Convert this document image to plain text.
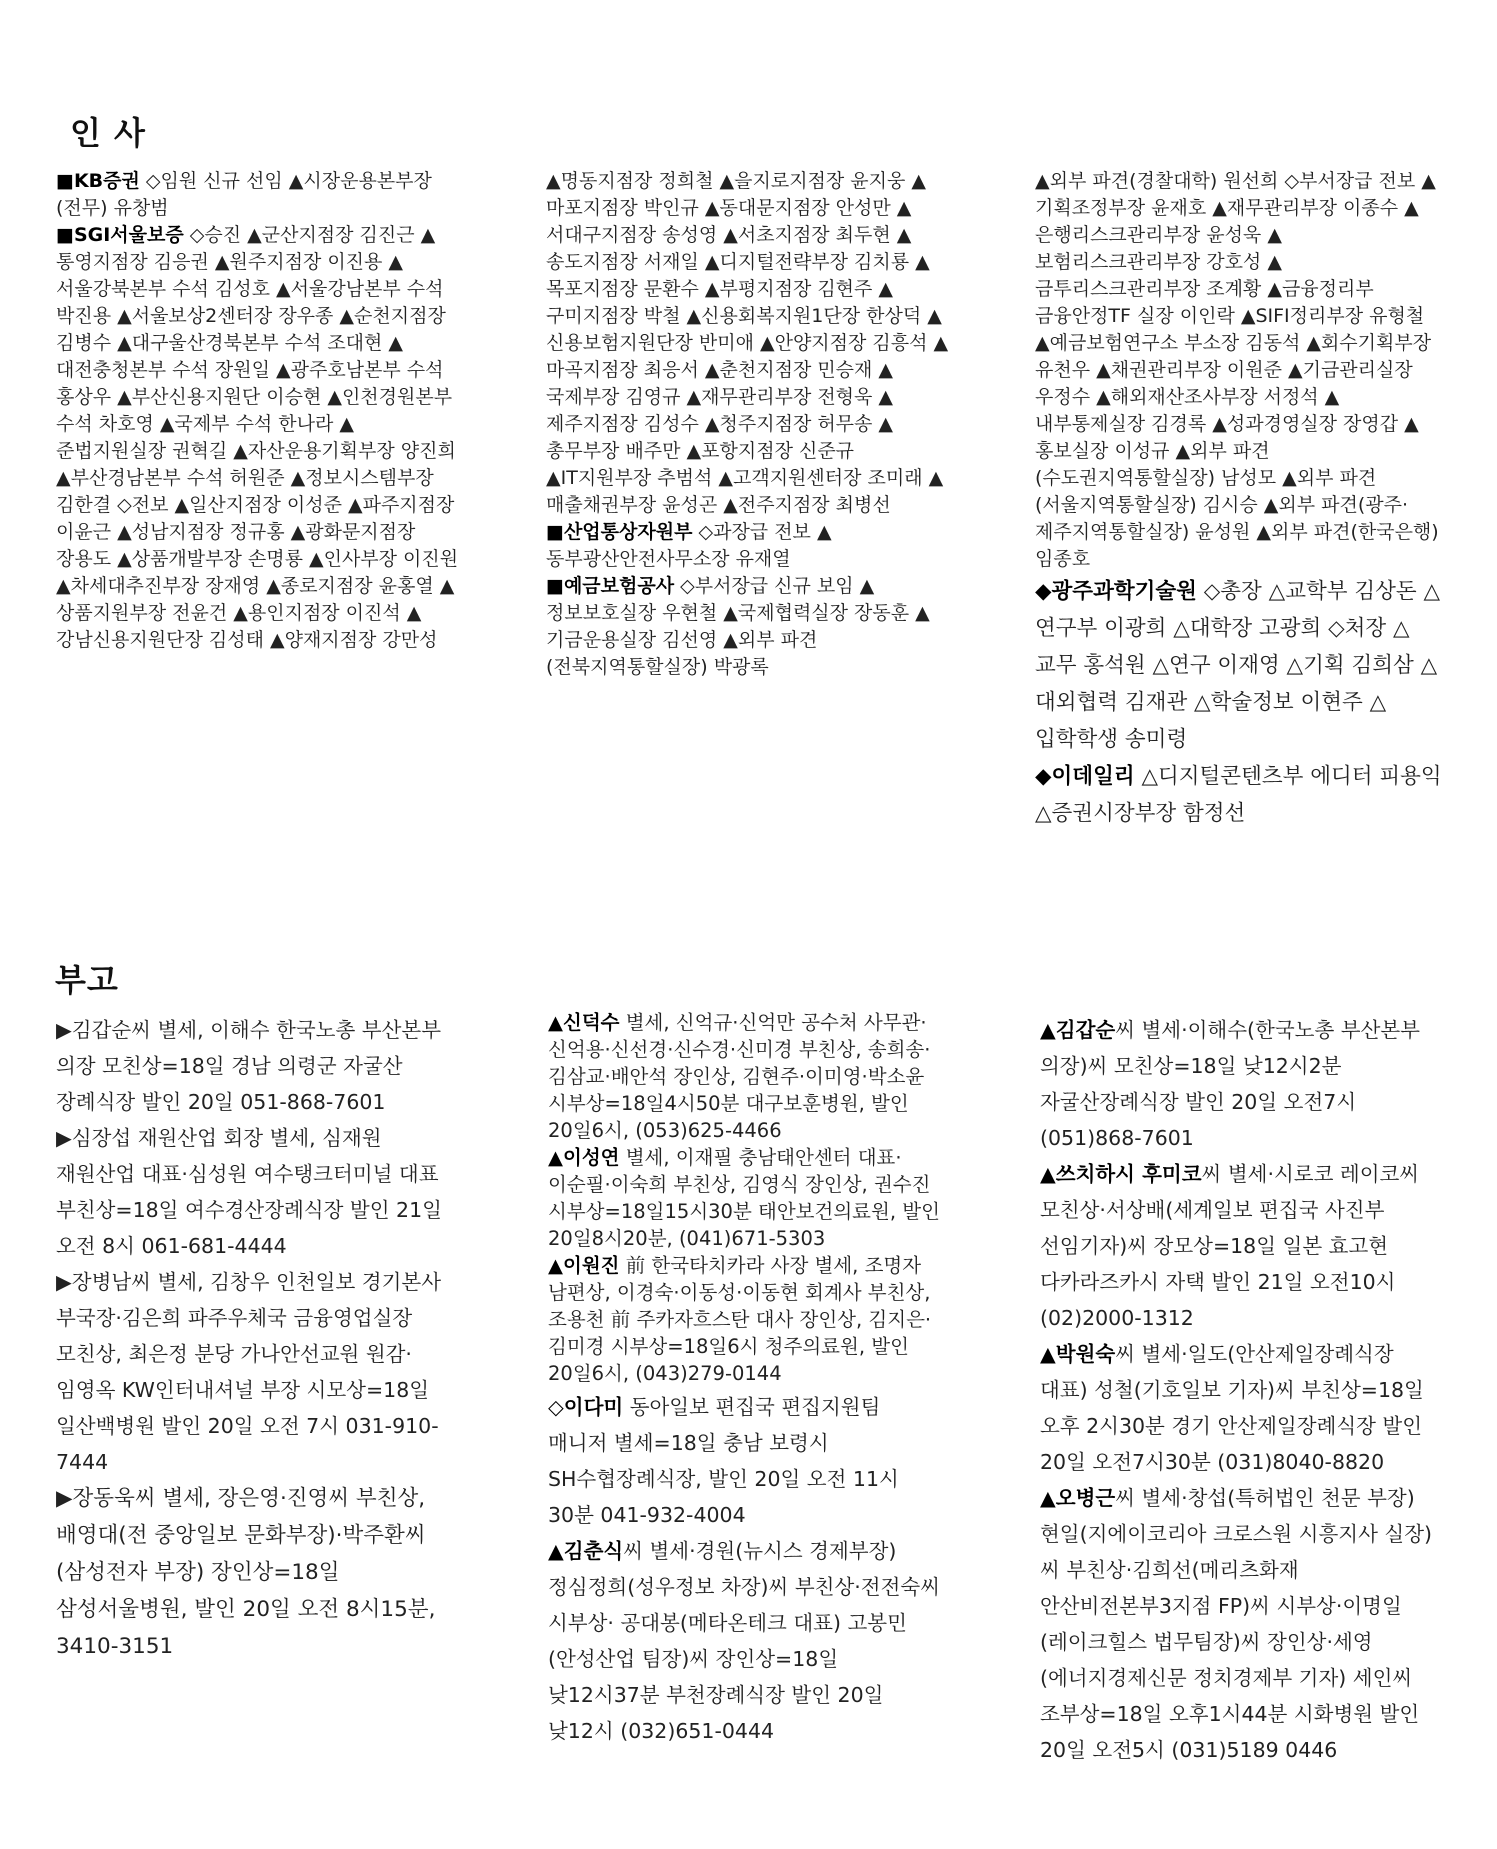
인 사

■KB증권 ◇임원 신규 선임 ▲시장운용본부장(전무) 유창범

■SGI서울보증 ◇승진 ▲군산지점장 김진근 ▲통영지점장 김응권 ▲원주지점장 이진용 ▲서울강북본부 수석 김성호 ▲서울강남본부 수석 박진용 ▲서울보상2센터장 장우종 ▲순천지점장 김병수 ▲대구울산경북본부 수석 조대현 ▲대전충청본부 수석 장원일 ▲광주호남본부 수석 홍상우 ▲부산신용지원단 이승현 ▲인천경원본부 수석 차호영 ▲국제부 수석 한나라 ▲준법지원실장 권혁길 ▲자산운용기획부장 양진희 ▲부산경남본부 수석 허원준 ▲정보시스템부장 김한결 ◇전보 ▲일산지점장 이성준 ▲파주지점장 이윤근 ▲성남지점장 정규홍 ▲광화문지점장 장용도 ▲상품개발부장 손명룡 ▲인사부장 이진원 ▲차세대추진부장 장재영 ▲종로지점장 윤홍열 ▲상품지원부장 전윤건 ▲용인지점장 이진석 ▲강남신용지원단장 김성태 ▲양재지점장 강만성

▲명동지점장 정희철 ▲을지로지점장 윤지웅 ▲마포지점장 박인규 ▲동대문지점장 안성만 ▲서대구지점장 송성영 ▲서초지점장 최두현 ▲송도지점장 서재일 ▲디지털전략부장 김치룡 ▲목포지점장 문환수 ▲부평지점장 김현주 ▲구미지점장 박철 ▲신용회복지원1단장 한상덕 ▲신용보험지원단장 반미애 ▲안양지점장 김흥석 ▲마곡지점장 최응서 ▲춘천지점장 민승재 ▲국제부장 김영규 ▲재무관리부장 전형욱 ▲제주지점장 김성수 ▲청주지점장 허무송 ▲총무부장 배주만 ▲포항지점장 신준규 ▲IT지원부장 추범석 ▲고객지원센터장 조미래 ▲매출채권부장 윤성곤 ▲전주지점장 최병선

■산업통상자원부 ◇과장급 전보 ▲동부광산안전사무소장 유재열

■예금보험공사 ◇부서장급 신규 보임 ▲정보보호실장 우현철 ▲국제협력실장 장동훈 ▲기금운용실장 김선영 ▲외부 파견(전북지역통할실장) 박광록

▲외부 파견(경찰대학) 원선희 ◇부서장급 전보 ▲기획조정부장 윤재호 ▲재무관리부장 이종수 ▲은행리스크관리부장 윤성욱 ▲보험리스크관리부장 강호성 ▲금투리스크관리부장 조계황 ▲금융정리부 금융안정TF 실장 이인락 ▲SIFI정리부장 유형철 ▲예금보험연구소 부소장 김동석 ▲회수기획부장 유천우 ▲채권관리부장 이원준 ▲기금관리실장 우정수 ▲해외재산조사부장 서정석 ▲내부통제실장 김경록 ▲성과경영실장 장영갑 ▲홍보실장 이성규 ▲외부 파견(수도권지역통할실장) 남성모 ▲외부 파견(서울지역통할실장) 김시승 ▲외부 파견(광주·제주지역통할실장) 윤성원 ▲외부 파견(한국은행) 임종호

◆광주과학기술원 ◇총장 △교학부 김상돈 △연구부 이광희 △대학장 고광희 ◇처장 △교무 홍석원 △연구 이재영 △기획 김희삼 △대외협력 김재관 △학술정보 이현주 △입학학생 송미령

◆이데일리 △디지털콘텐츠부 에디터 피용익 △증권시장부장 함정선

부고

▶김갑순씨 별세, 이해수 한국노총 부산본부 의장 모친상=18일 경남 의령군 자굴산 장례식장 발인 20일 051-868-7601

▶심장섭 재원산업 회장 별세, 심재원 재원산업 대표·심성원 여수탱크터미널 대표 부친상=18일 여수경산장례식장 발인 21일 오전 8시 061-681-4444

▶장병남씨 별세, 김창우 인천일보 경기본사 부국장·김은희 파주우체국 금융영업실장 모친상, 최은정 분당 가나안선교원 원감·임영옥 KW인터내셔널 부장 시모상=18일 일산백병원 발인 20일 오전 7시 031-910-7444

▶장동욱씨 별세, 장은영·진영씨 부친상, 배영대(전 중앙일보 문화부장)·박주환씨(삼성전자 부장) 장인상=18일 삼성서울병원, 발인 20일 오전 8시15분, 3410-3151

▲신덕수 별세, 신억규·신억만 공수처 사무관·신억용·신선경·신수경·신미경 부친상, 송희송·김삼교·배안석 장인상, 김현주·이미영·박소윤 시부상=18일4시50분 대구보훈병원, 발인 20일6시, (053)625-4466

▲이성연 별세, 이재필 충남태안센터 대표·이순필·이숙희 부친상, 김영식 장인상, 권수진 시부상=18일15시30분 태안보건의료원, 발인 20일8시20분, (041)671-5303

▲이원진 前 한국타치카라 사장 별세, 조명자 남편상, 이경숙·이동성·이동현 회계사 부친상, 조용천 前 주카자흐스탄 대사 장인상, 김지은·김미경 시부상=18일6시 청주의료원, 발인 20일6시, (043)279-0144

◇이다미 동아일보 편집국 편집지원팀 매니저 별세=18일 충남 보령시 SH수협장례식장, 발인 20일 오전 11시 30분 041-932-4004

▲김춘식씨 별세·경원(뉴시스 경제부장) 정심정희(성우정보 차장)씨 부친상·전전숙씨 시부상· 공대봉(메타온테크 대표) 고봉민(안성산업 팀장)씨 장인상=18일 낮12시37분 부천장례식장 발인 20일 낮12시 (032)651-0444

▲김갑순씨 별세·이해수(한국노총 부산본부 의장)씨 모친상=18일 낮12시2분 자굴산장례식장 발인 20일 오전7시 (051)868-7601

▲쓰치하시 후미코씨 별세·시로코 레이코씨 모친상·서상배(세계일보 편집국 사진부 선임기자)씨 장모상=18일 일본 효고현 다카라즈카시 자택 발인 21일 오전10시 (02)2000-1312

▲박원숙씨 별세·일도(안산제일장례식장 대표) 성철(기호일보 기자)씨 부친상=18일 오후 2시30분 경기 안산제일장례식장 발인 20일 오전7시30분 (031)8040-8820

▲오병근씨 별세·창섭(특허법인 천문 부장) 현일(지에이코리아 크로스원 시흥지사 실장)씨 부친상·김희선(메리츠화재 안산비전본부3지점 FP)씨 시부상·이명일(레이크힐스 법무팀장)씨 장인상·세영(에너지경제신문 정치경제부 기자) 세인씨 조부상=18일 오후1시44분 시화병원 발인 20일 오전5시 (031)5189 0446
